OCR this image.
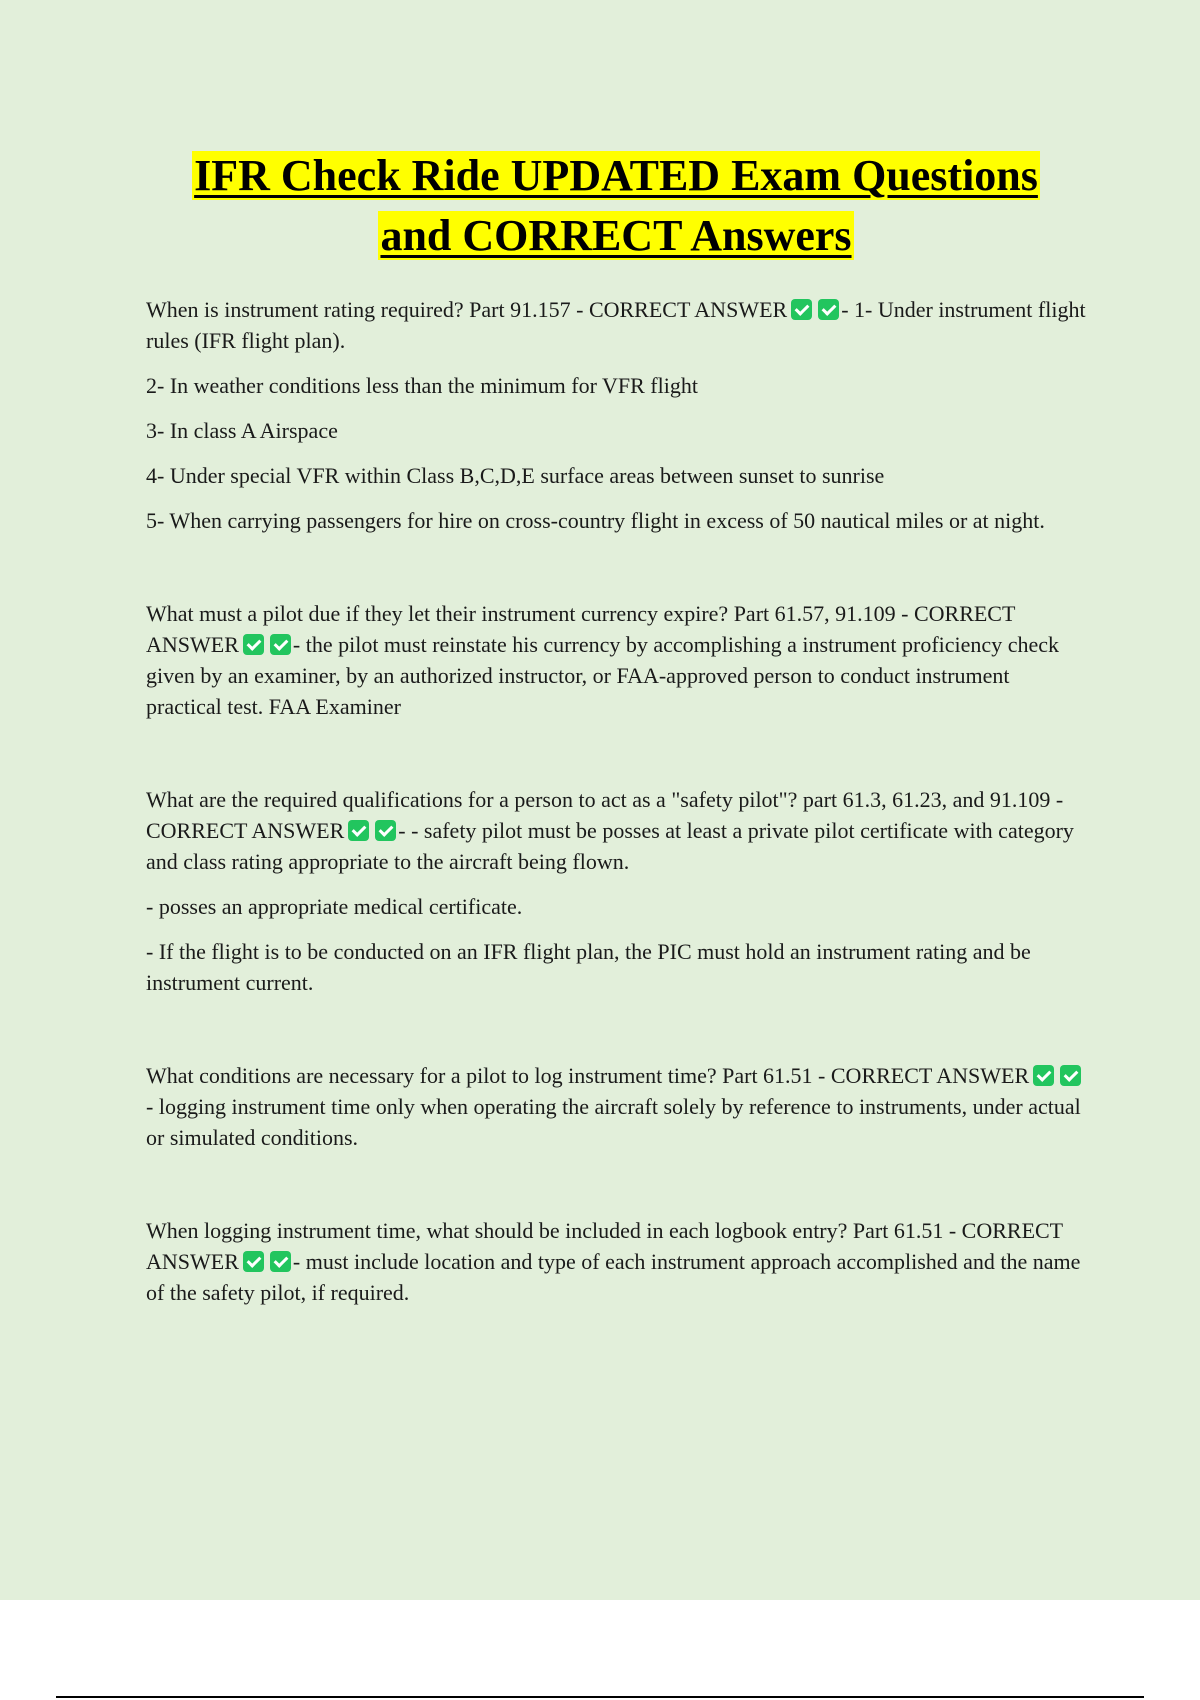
IFR Check Ride UPDATED Exam Questions
and CORRECT Answers

When is instrument rating required? Part 91.157 - CORRECT ANSWER - 1- Under instrument flight rules (IFR flight plan).

2- In weather conditions less than the minimum for VFR flight

3- In class A Airspace

4- Under special VFR within Class B,C,D,E surface areas between sunset to sunrise

5- When carrying passengers for hire on cross-country flight in excess of 50 nautical miles or at night.

What must a pilot due if they let their instrument currency expire? Part 61.57, 91.109 - CORRECT ANSWER - the pilot must reinstate his currency by accomplishing a instrument proficiency check given by an examiner, by an authorized instructor, or FAA-approved person to conduct instrument practical test. FAA Examiner

What are the required qualifications for a person to act as a "safety pilot"? part 61.3, 61.23, and 91.109 - CORRECT ANSWER - - safety pilot must be posses at least a private pilot certificate with category and class rating appropriate to the aircraft being flown.

- posses an appropriate medical certificate.

- If the flight is to be conducted on an IFR flight plan, the PIC must hold an instrument rating and be instrument current.

What conditions are necessary for a pilot to log instrument time? Part 61.51 - CORRECT ANSWER- logging instrument time only when operating the aircraft solely by reference to instruments, under actual or simulated conditions.

When logging instrument time, what should be included in each logbook entry? Part 61.51 - CORRECT ANSWER - must include location and type of each instrument approach accomplished and the name of the safety pilot, if required.
